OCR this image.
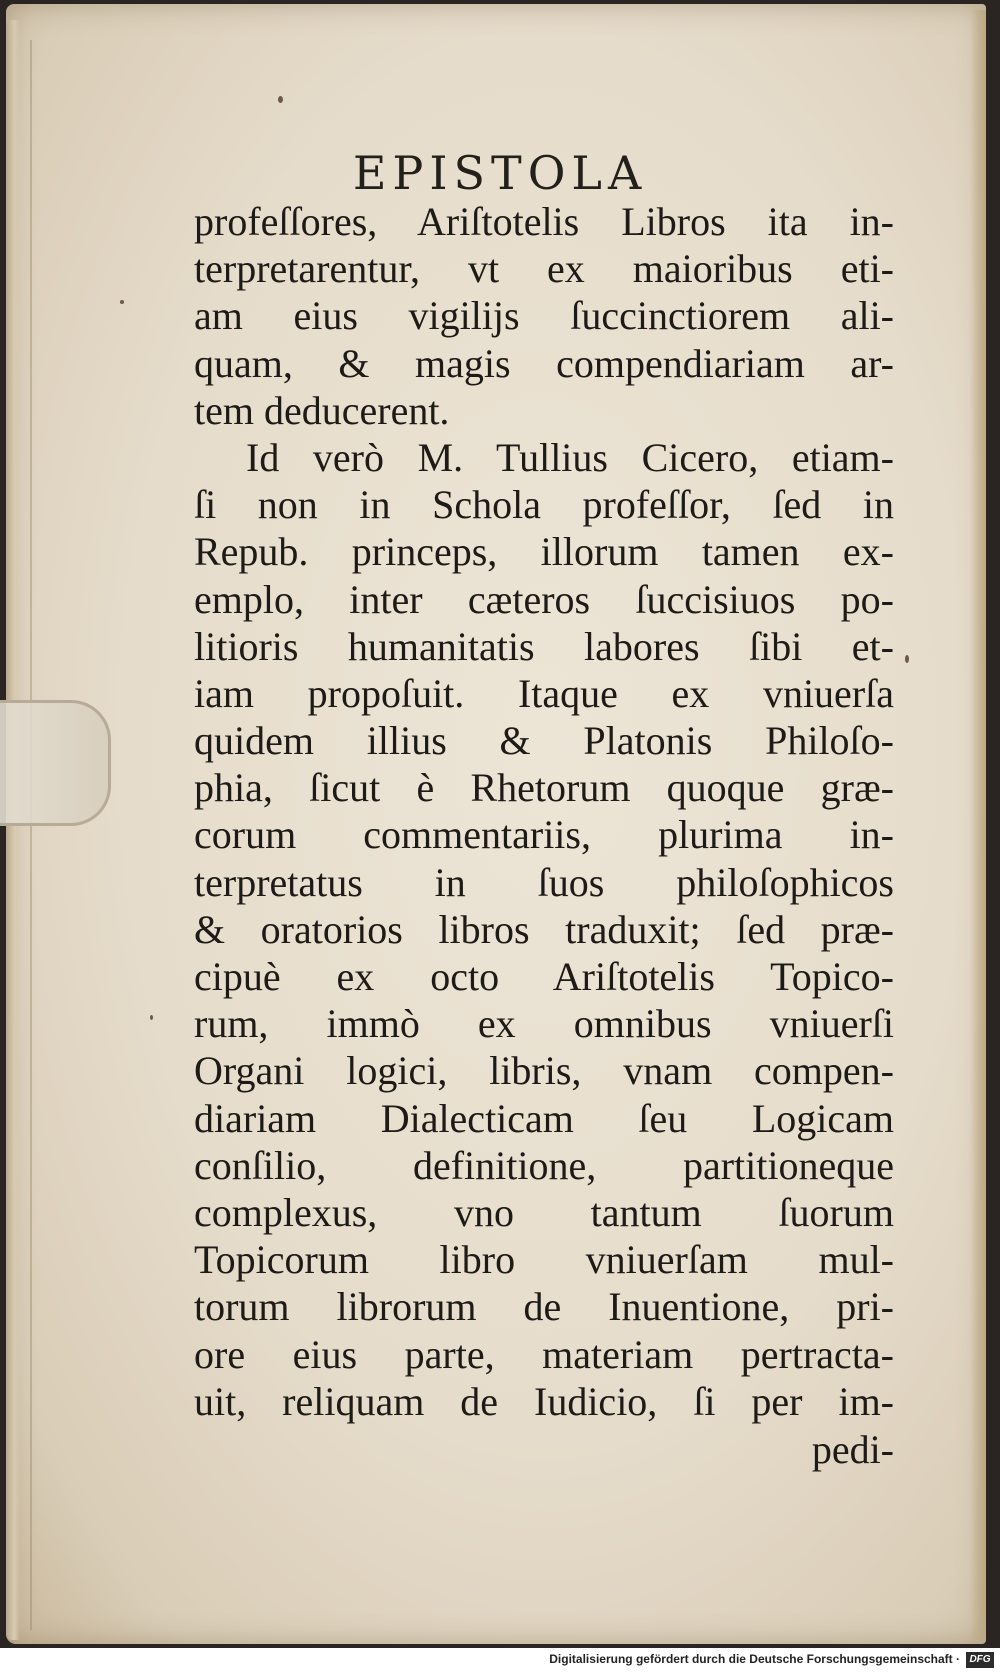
EPISTOLA
profeſſores, Ariſtotelis Libros ita in-
terpretarentur, vt ex maioribus eti-
am eius vigilijs ſuccinctiorem ali-
quam, & magis compendiariam ar-
tem deducerent.
Id verò M. Tullius Cicero, etiam-
ſi non in Schola profeſſor, ſed in
Repub. princeps, illorum tamen ex-
emplo, inter cæteros ſuccisiuos po-
litioris humanitatis labores ſibi et-
iam propoſuit. Itaque ex vniuerſa
quidem illius & Platonis Philoſo-
phia, ſicut è Rhetorum quoque græ-
corum commentariis, plurima in-
terpretatus in ſuos philoſophicos
& oratorios libros traduxit; ſed præ-
cipuè ex octo Ariſtotelis Topico-
rum, immò ex omnibus vniuerſi
Organi logici, libris, vnam compen-
diariam Dialecticam ſeu Logicam
conſilio, definitione, partitioneque
complexus, vno tantum ſuorum
Topicorum libro vniuerſam mul-
torum librorum de Inuentione, pri-
ore eius parte, materiam pertracta-
uit, reliquam de Iudicio, ſi per im-
pedi-
Digitalisierung gefördert durch die Deutsche Forschungsgemeinschaft · DFG
